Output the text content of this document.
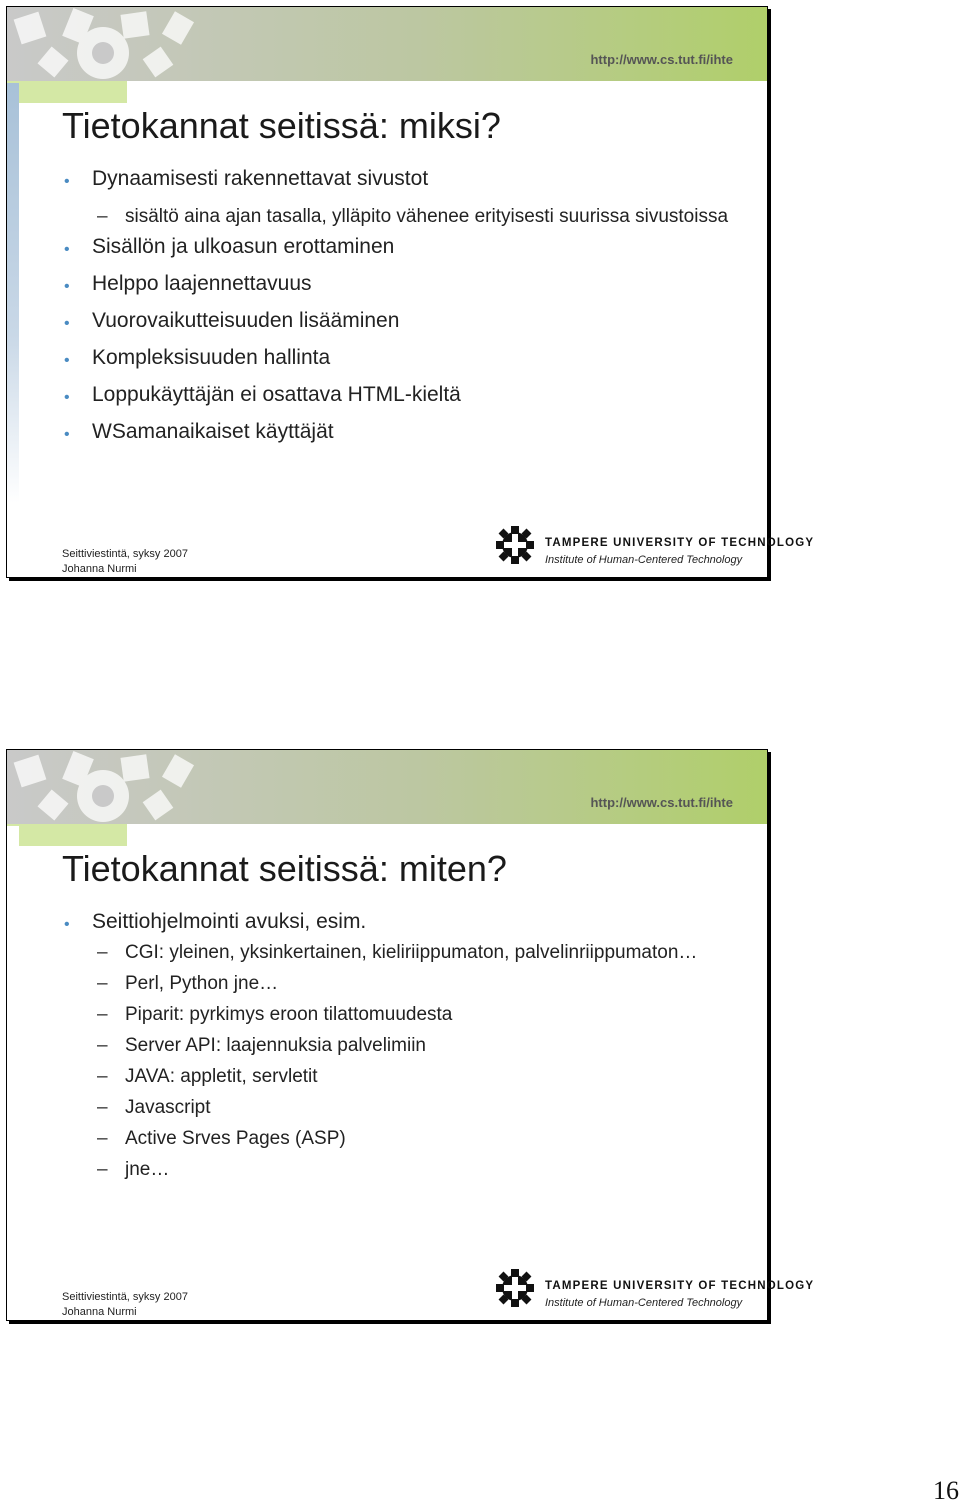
http://www.cs.tut.fi/ihte
Tietokannat seitissä: miksi?
• Dynaamisesti rakennettavat sivustot
– sisältö aina ajan tasalla, ylläpito vähenee erityisesti suurissa sivustoissa
• Sisällön ja ulkoasun erottaminen
• Helppo laajennettavuus
• Vuorovaikutteisuuden lisääminen
• Kompleksisuuden hallinta
• Loppukäyttäjän ei osattava HTML-kieltä
• WSamanaikaiset käyttäjät
Seittiviestintä, syksy 2007
Johanna Nurmi
TAMPERE UNIVERSITY OF TECHNOLOGY
Institute of Human-Centered Technology
http://www.cs.tut.fi/ihte
Tietokannat seitissä: miten?
• Seittiohjelmointi avuksi, esim.
– CGI: yleinen, yksinkertainen, kieliriippumaton, palvelinriippumaton…
– Perl, Python jne…
– Piparit: pyrkimys eroon tilattomuudesta
– Server API: laajennuksia palvelimiin
– JAVA: appletit, servletit
– Javascript
– Active Srves Pages (ASP)
– jne…
Seittiviestintä, syksy 2007
Johanna Nurmi
TAMPERE UNIVERSITY OF TECHNOLOGY
Institute of Human-Centered Technology
16
